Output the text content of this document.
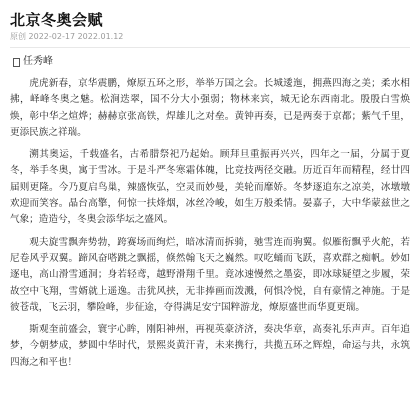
北京冬奥会赋
原创 2022-02-17 2022.01.12
任秀峰

虎虎新春，京华震鹏，燎原五环之形，举举万国之会。长城逶迤，拥燕四海之美；柔水相拂，峄峰冬奥之魅。松涧迭翠，国不分大小强弱；物林来宾，城无论东西南北。殷殷白雪焕焕，彰中华之煊烨；赫赫京张高铁，焊雄儿之对垒。黄钟再奏，已是两奏于京都；紫气千里，更添民族之祥瑞。

溯其奥运，千载盛名，古希腊祭祀乃起始。顾拜旦重振再兴兴，四年之一届，分属于夏冬，举手冬奥，寓于雪冰。于是斗严冬寒霜体魄，比竞技两径交融。历近百年而精程，经廿四届则更隆。今乃夏启鸟巢，辣盛恢弘，空灵而妙曼，美轮而靡娇。冬梦逐追东之凉美，冰墩墩欢迎而笑容。晶台高擎，何惊一扶烽烟，冰丝冷峻，如生万般柔情。晏嘉子，大中华蒙兹世之气象；造造兮，冬奥会添华坛之盛风。

观夫旋雪飘奔势勃，跨赛场而绚烂，暗冰清而拆骑，驰雪连而驹翼。似雁衔飘乎火舵，若尼卷风乎双翼。蹄风奋嗒跳之飘摇，倏然翰飞天之巍然。叹吃蛹而飞跃，喜欢群之痴帆。妙如逐电，高山滑雪通洞；身若轻鸢，越野滑翔千里。竟冰速慢然之墨姿，即冰球疑望之步履，荣故空中飞翔，雪婿就上遥逸。击犹风挟，无非捧画而泼溅，何惧冷悦，自有豪情之神施。于是彼苍哉，飞云羽，攀险峰，步征途，夺得满足安宁国粹游龙，燎原盛世而华夏更瑞。

斯观奎前盛会，寰宇心眸，刚阳神州，再视英豪济济，奏决华章，高奏礼乐声声。百年追梦，今朝梦成，梦圆中华时代，景熙炎黄汗青，未来携行，共揽五环之辉煌，命运与共，永筑四海之和平也！
